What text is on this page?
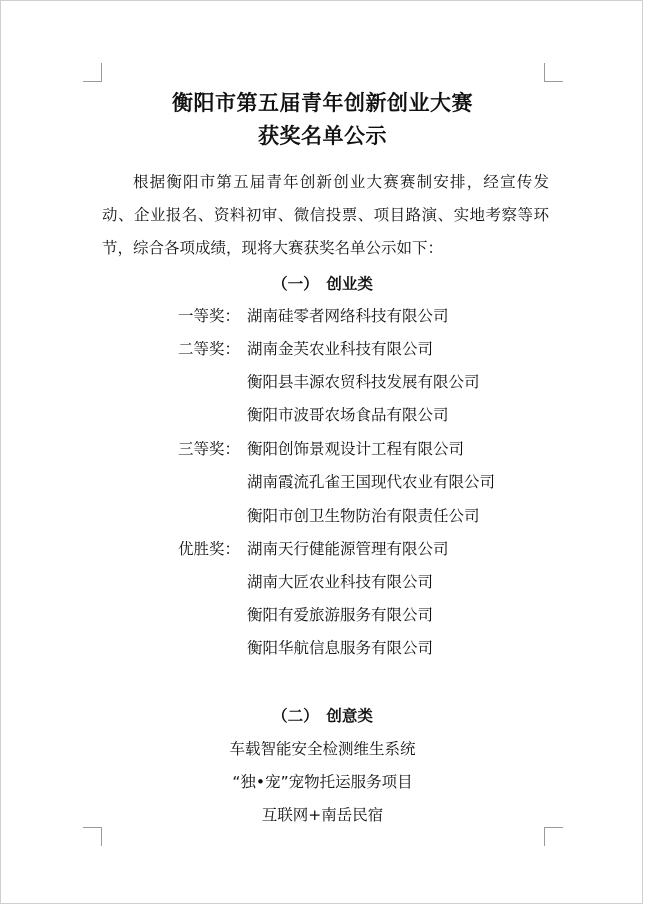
衡阳市第五届青年创新创业大赛
获奖名单公示
根据衡阳市第五届青年创新创业大赛赛制安排，经宣传发动、企业报名、资料初审、微信投票、项目路演、实地考察等环节，综合各项成绩，现将大赛获奖名单公示如下：
（一）　创业类
一等奖： 湖南硅零者网络科技有限公司
二等奖： 湖南金芙农业科技有限公司
衡阳县丰源农贸科技发展有限公司
衡阳市波哥农场食品有限公司
三等奖： 衡阳创饰景观设计工程有限公司
湖南霞流孔雀王国现代农业有限公司
衡阳市创卫生物防治有限责任公司
优胜奖： 湖南天行健能源管理有限公司
湖南大匠农业科技有限公司
衡阳有爱旅游服务有限公司
衡阳华航信息服务有限公司
（二）　创意类
车载智能安全检测维生系统
“独•宠”宠物托运服务项目
互联网+南岳民宿
